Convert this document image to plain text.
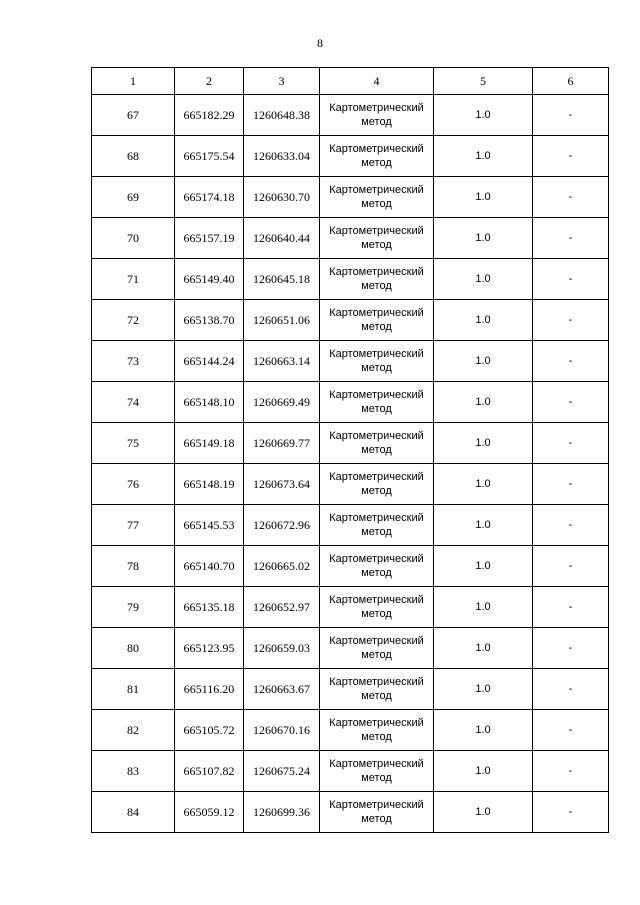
8
1	2	3	4	5	6
67	665182.29	1260648.38	Картометрический метод	1.0	-
68	665175.54	1260633.04	Картометрический метод	1.0	-
69	665174.18	1260630.70	Картометрический метод	1.0	-
70	665157.19	1260640.44	Картометрический метод	1.0	-
71	665149.40	1260645.18	Картометрический метод	1.0	-
72	665138.70	1260651.06	Картометрический метод	1.0	-
73	665144.24	1260663.14	Картометрический метод	1.0	-
74	665148.10	1260669.49	Картометрический метод	1.0	-
75	665149.18	1260669.77	Картометрический метод	1.0	-
76	665148.19	1260673.64	Картометрический метод	1.0	-
77	665145.53	1260672.96	Картометрический метод	1.0	-
78	665140.70	1260665.02	Картометрический метод	1.0	-
79	665135.18	1260652.97	Картометрический метод	1.0	-
80	665123.95	1260659.03	Картометрический метод	1.0	-
81	665116.20	1260663.67	Картометрический метод	1.0	-
82	665105.72	1260670.16	Картометрический метод	1.0	-
83	665107.82	1260675.24	Картометрический метод	1.0	-
84	665059.12	1260699.36	Картометрический метод	1.0	-
